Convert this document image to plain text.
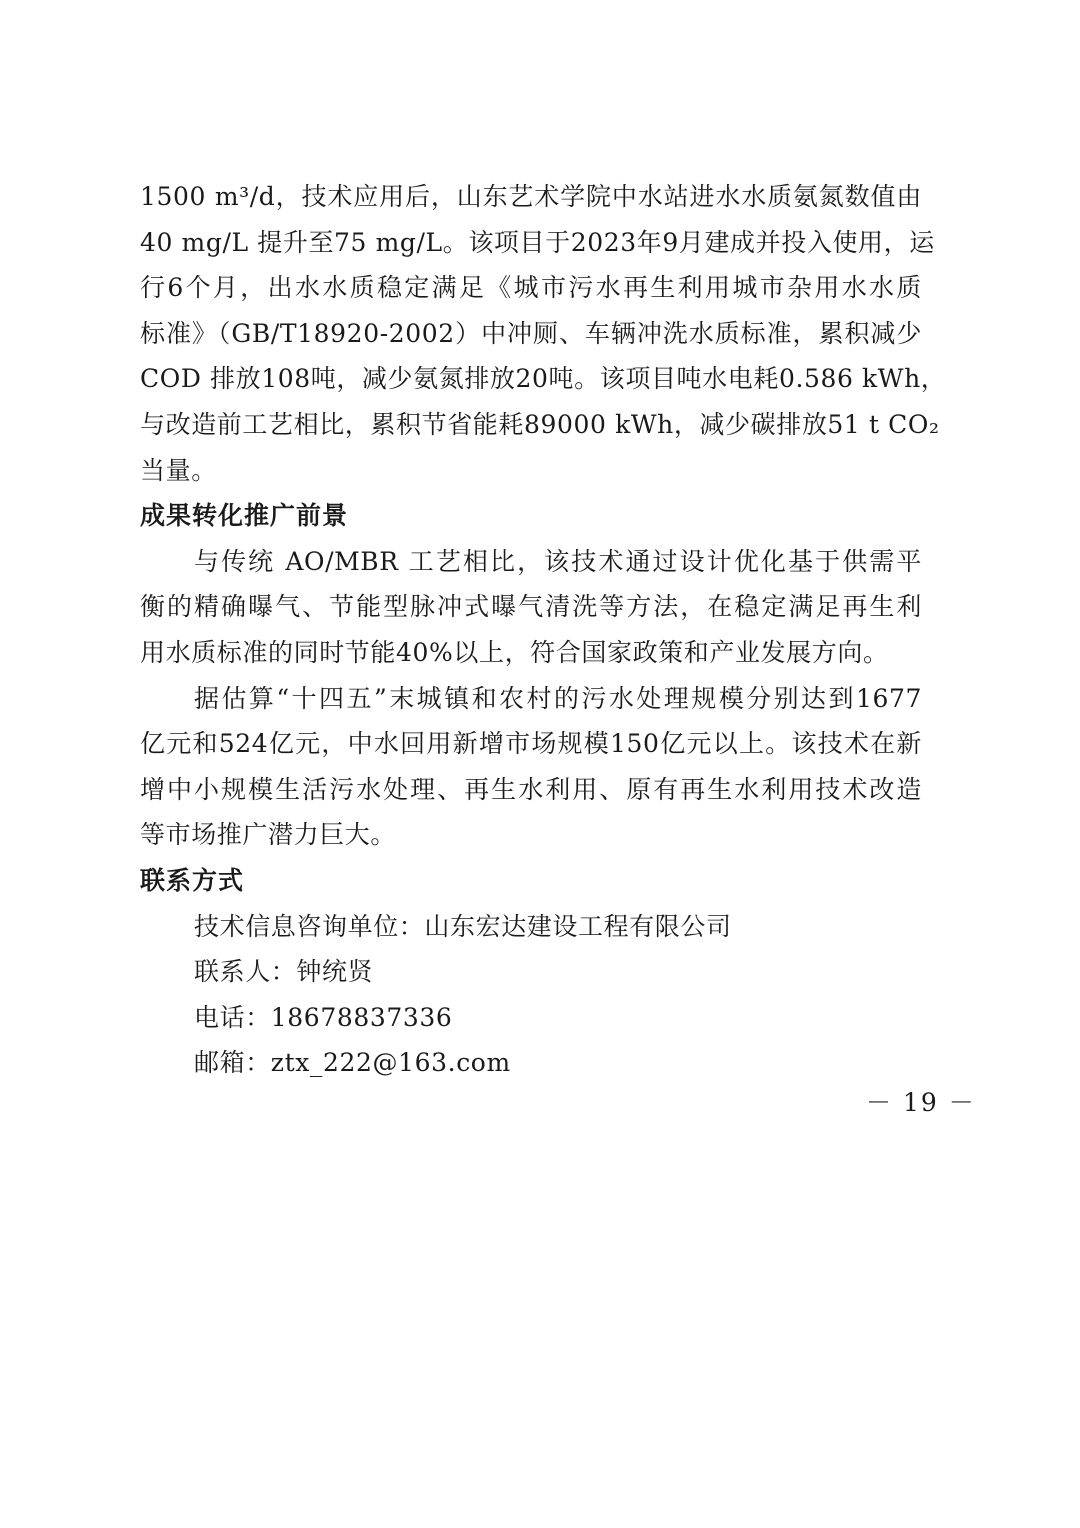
1500 m³/d，技术应用后，山东艺术学院中水站进水水质氨氮数值由
40 mg/L 提升至75 mg/L。该项目于2023年9月建成并投入使用，运
行6个月，出水水质稳定满足《城市污水再生利用城市杂用水水质
标准》（GB/T18920-2002）中冲厕、车辆冲洗水质标准，累积减少
COD 排放108吨，减少氨氮排放20吨。该项目吨水电耗0.586 kWh，
与改造前工艺相比，累积节省能耗89000 kWh，减少碳排放51 t CO₂
当量。
成果转化推广前景
与传统 AO/MBR 工艺相比，该技术通过设计优化基于供需平
衡的精确曝气、节能型脉冲式曝气清洗等方法，在稳定满足再生利
用水质标准的同时节能40%以上，符合国家政策和产业发展方向。
据估算“十四五”末城镇和农村的污水处理规模分别达到1677
亿元和524亿元，中水回用新增市场规模150亿元以上。该技术在新
增中小规模生活污水处理、再生水利用、原有再生水利用技术改造
等市场推广潜力巨大。
联系方式
技术信息咨询单位：山东宏达建设工程有限公司
联系人：钟统贤
电话：18678837336
邮箱：ztx_222@163.com
－ 19 －
